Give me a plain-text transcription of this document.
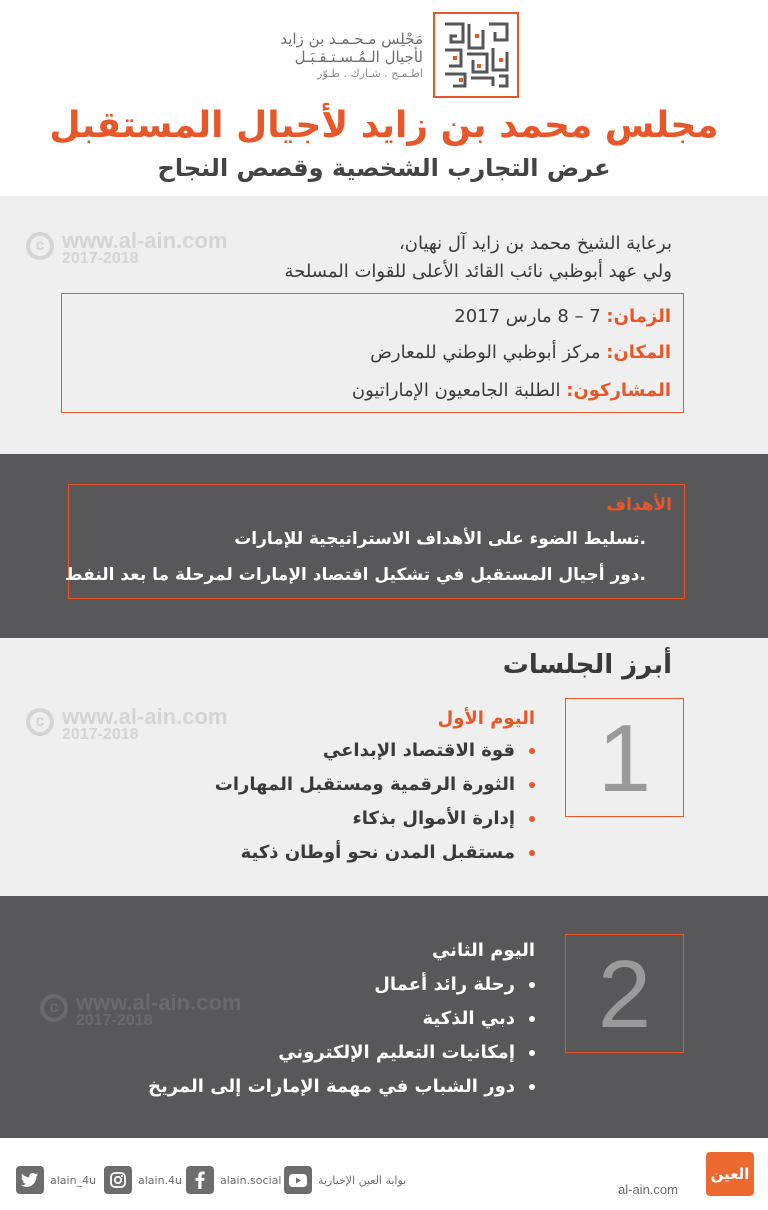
مَجْلِس مـحـمـد بن زايد
لأجيال الـمُـسـتـقـبَـل
اطـمـح . شـارك . طـوّر
مجلس محمد بن زايد لأجيال المستقبل
عرض التجارب الشخصية وقصص النجاح
c www.al-ain.com
2017-2018
برعاية الشيخ محمد بن زايد آل نهيان،
ولي عهد أبوظبي نائب القائد الأعلى للقوات المسلحة
الزمان: 7 – 8 مارس 2017
المكان: مركز أبوظبي الوطني للمعارض
المشاركون: الطلبة الجامعيون الإماراتيون
الأهداف
.تسليط الضوء على الأهداف الاستراتيجية للإمارات
.دور أجيال المستقبل في تشكيل اقتصاد الإمارات لمرحلة ما بعد النفط
أبرز الجلسات
c www.al-ain.com
2017-2018	1
اليوم الأول
قوة الاقتصاد الإبداعي
الثورة الرقمية ومستقبل المهارات
إدارة الأموال بذكاء
مستقبل المدن نحو أوطان ذكية
c www.al-ain.com
2017-2018	2
اليوم الثاني
رحلة رائد أعمال
دبي الذكية
إمكانيات التعليم الإلكتروني
دور الشباب في مهمة الإمارات إلى المريخ
alain_4u	alain.4u	alain.social	بوابة العين الإخبارية	العين
al-ain.com
